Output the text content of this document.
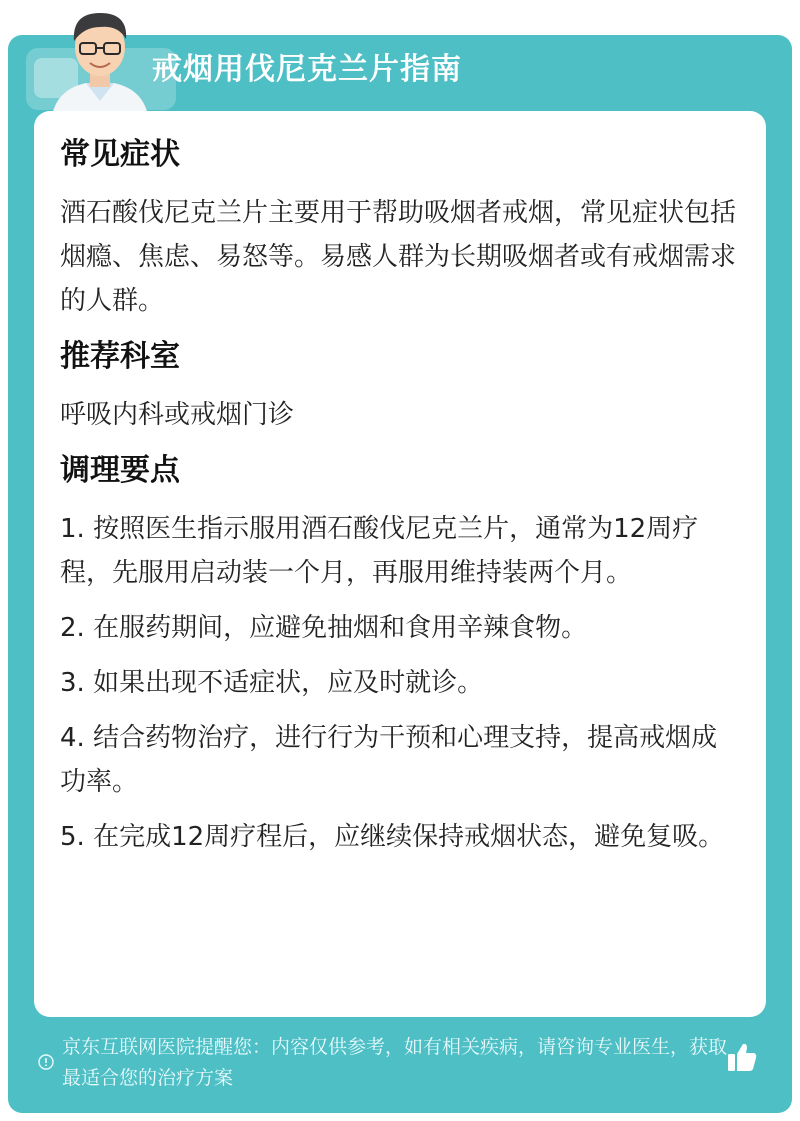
戒烟用伐尼克兰片指南
常见症状
酒石酸伐尼克兰片主要用于帮助吸烟者戒烟，常见症状包括烟瘾、焦虑、易怒等。易感人群为长期吸烟者或有戒烟需求的人群。
推荐科室
呼吸内科或戒烟门诊
调理要点
1. 按照医生指示服用酒石酸伐尼克兰片，通常为12周疗程，先服用启动装一个月，再服用维持装两个月。
2. 在服药期间，应避免抽烟和食用辛辣食物。
3. 如果出现不适症状，应及时就诊。
4. 结合药物治疗，进行行为干预和心理支持，提高戒烟成功率。
5. 在完成12周疗程后，应继续保持戒烟状态，避免复吸。
京东互联网医院提醒您：内容仅供参考，如有相关疾病，请咨询专业医生，获取最适合您的治疗方案
